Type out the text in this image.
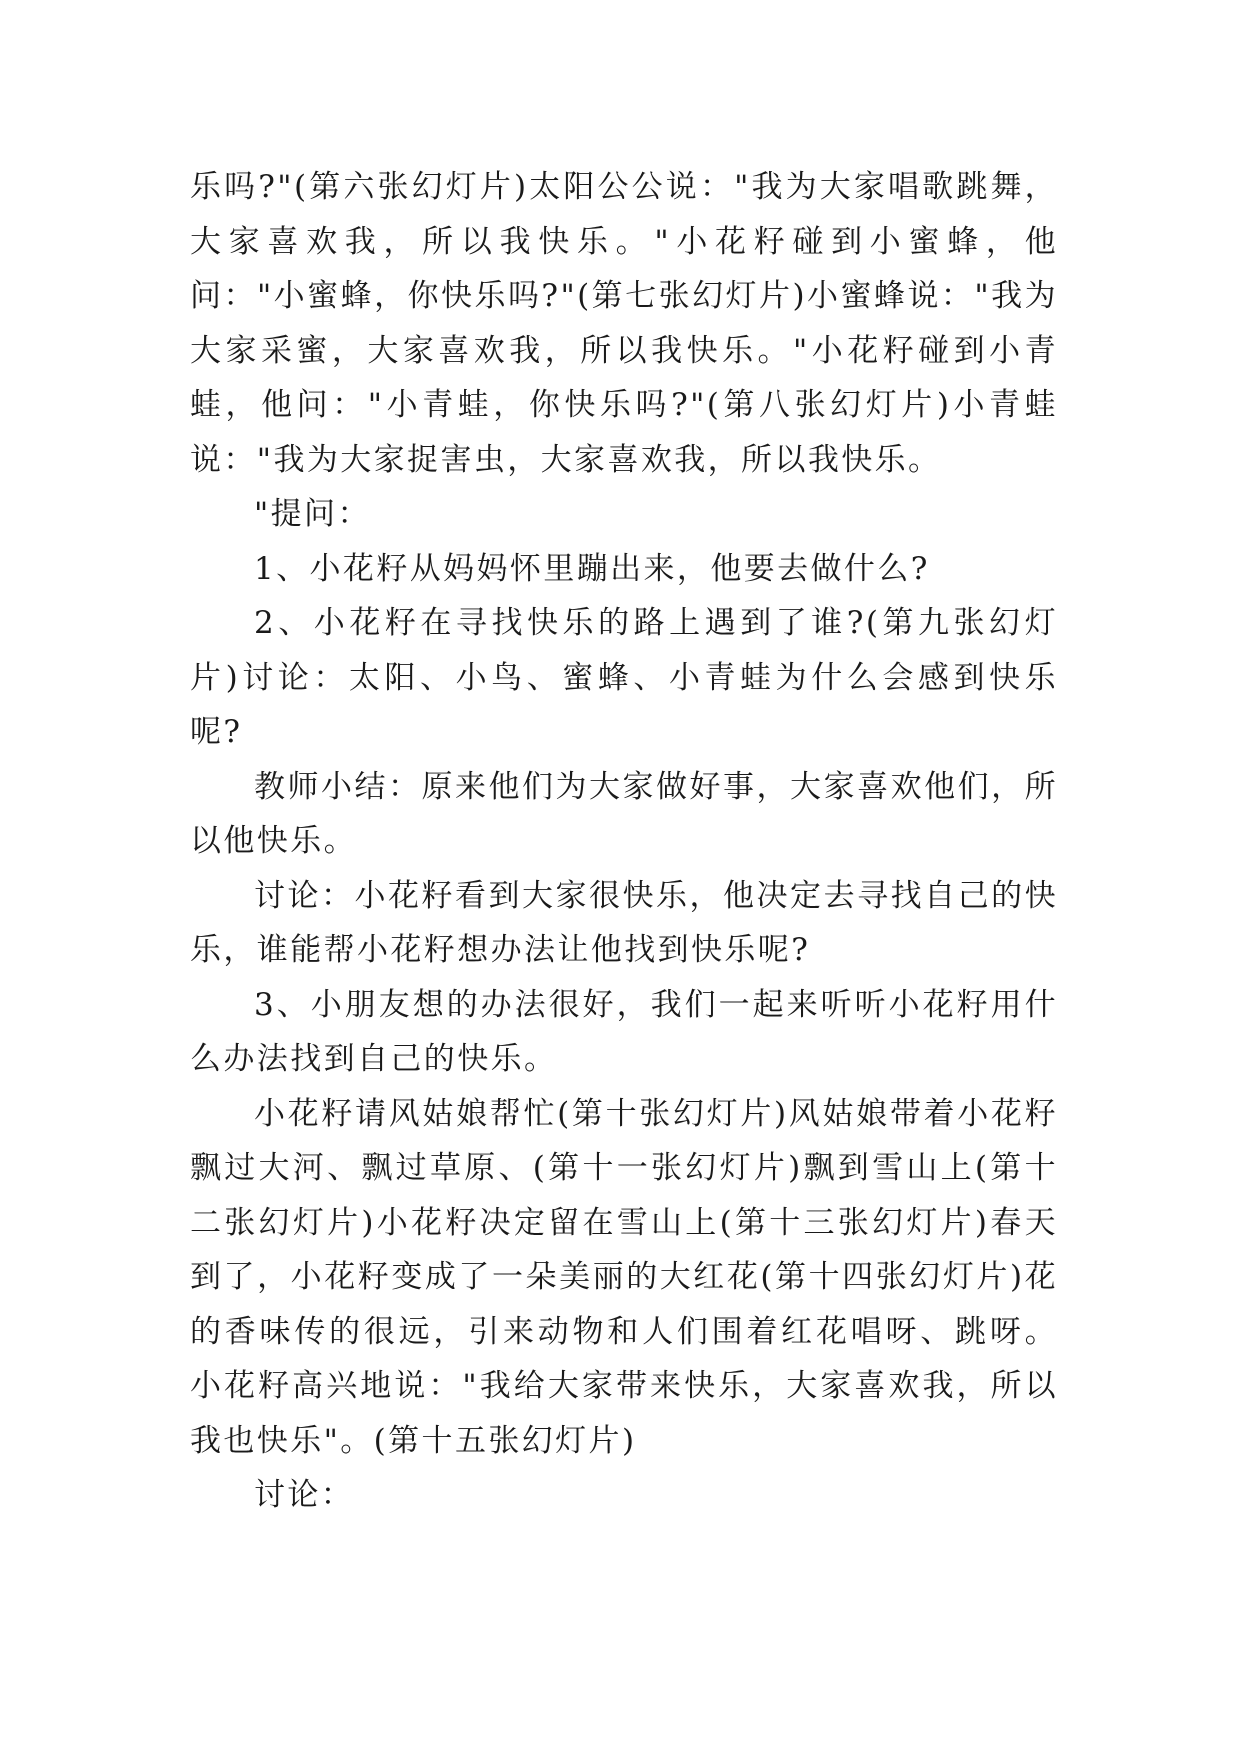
乐吗?"(第六张幻灯片)太阳公公说："我为大家唱歌跳舞，大家喜欢我，所以我快乐。"小花籽碰到小蜜蜂，他问："小蜜蜂，你快乐吗?"(第七张幻灯片)小蜜蜂说："我为大家采蜜，大家喜欢我，所以我快乐。"小花籽碰到小青蛙，他问："小青蛙，你快乐吗?"(第八张幻灯片)小青蛙说："我为大家捉害虫，大家喜欢我，所以我快乐。

"提问：

1、小花籽从妈妈怀里蹦出来，他要去做什么?

2、小花籽在寻找快乐的路上遇到了谁?(第九张幻灯片)讨论：太阳、小鸟、蜜蜂、小青蛙为什么会感到快乐呢?

教师小结：原来他们为大家做好事，大家喜欢他们，所以他快乐。

讨论：小花籽看到大家很快乐，他决定去寻找自己的快乐，谁能帮小花籽想办法让他找到快乐呢?

3、小朋友想的办法很好，我们一起来听听小花籽用什么办法找到自己的快乐。

小花籽请风姑娘帮忙(第十张幻灯片)风姑娘带着小花籽飘过大河、飘过草原、(第十一张幻灯片)飘到雪山上(第十二张幻灯片)小花籽决定留在雪山上(第十三张幻灯片)春天到了，小花籽变成了一朵美丽的大红花(第十四张幻灯片)花的香味传的很远，引来动物和人们围着红花唱呀、跳呀。小花籽高兴地说："我给大家带来快乐，大家喜欢我，所以我也快乐"。(第十五张幻灯片)

讨论：
